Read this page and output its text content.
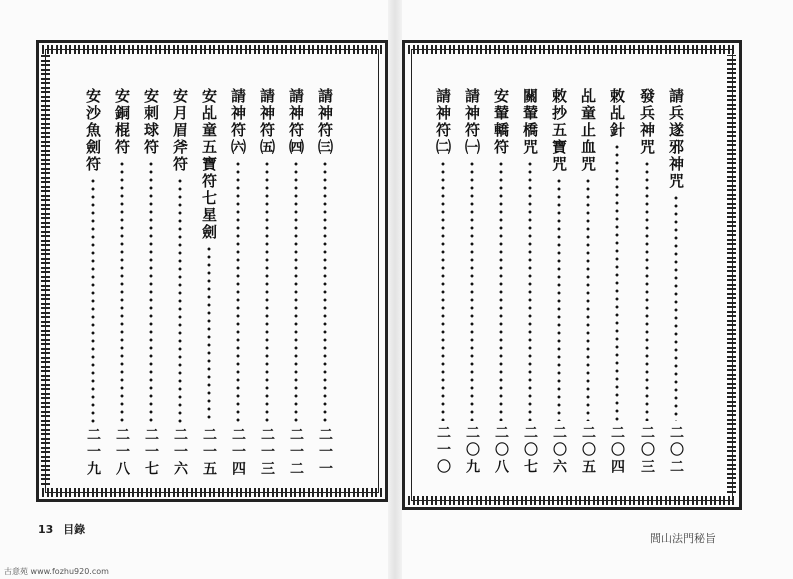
請神符㈢
二一一
請神符㈣
二一二
請神符㈤
二一三
請神符㈥
二一四
安乩童五寶符七星劍
二一五
安月眉斧符
二一六
安刺球符
二一七
安銅棍符
二一八
安沙魚劍符
二一九
13 目錄
請兵遂邪神咒
二〇二
發兵神咒
二〇三
敕乩針
二〇四
乩童止血咒
二〇五
敕抄五寶咒
二〇六
關輦橋咒
二〇七
安輦轎符
二〇八
請神符㈠
二〇九
請神符㈡
二一〇
閭山法門秘旨
古意苑 www.fozhu920.com
